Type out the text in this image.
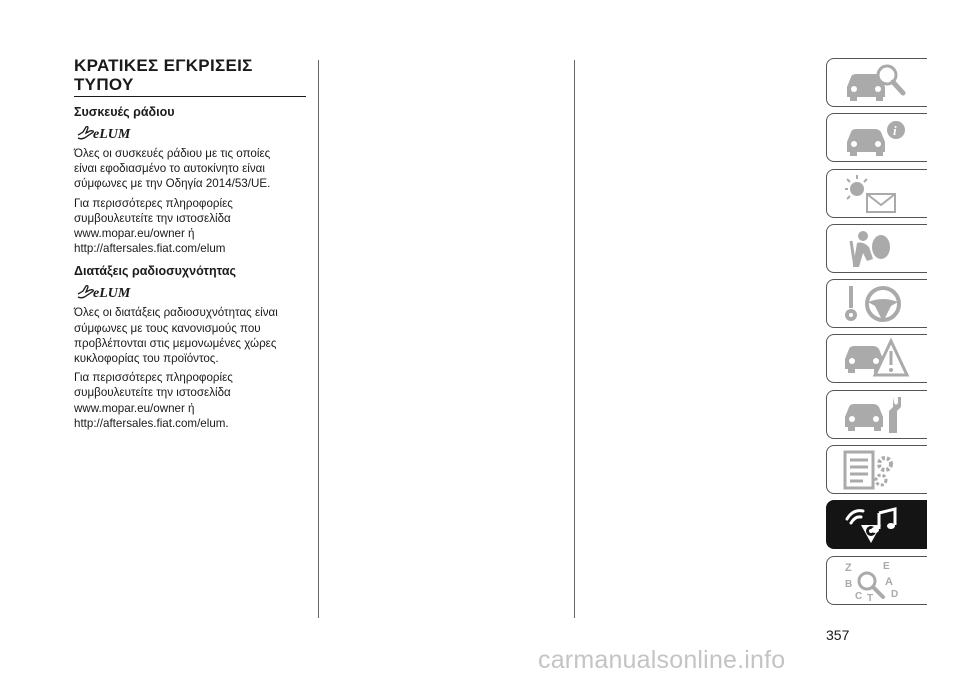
ΚΡΑΤΙΚΕΣ ΕΓΚΡΙΣΕΙΣ
ΤΥΠΟΥ
Συσκευές ράδιου
eLUM

Όλες οι συσκευές ράδιου με τις οποίες
είναι εφοδιασμένο το αυτοκίνητο είναι
σύμφωνες με την Οδηγία 2014/53/UE.

Για περισσότερες πληροφορίες
συμβουλευτείτε την ιστοσελίδα
www.mopar.eu/owner ή
http://aftersales.fiat.com/elum

Διατάξεις ραδιοσυχνότητας
eLUM

Όλες οι διατάξεις ραδιοσυχνότητας είναι
σύμφωνες με τους κανονισμούς που
προβλέπονται στις μεμονωμένες χώρες
κυκλοφορίας του προϊόντος.

Για περισσότερες πληροφορίες
συμβουλευτείτε την ιστοσελίδα
www.mopar.eu/owner ή
http://aftersales.fiat.com/elum.

i
Z	E
B	A
C T D
357
carmanualsonline.info
